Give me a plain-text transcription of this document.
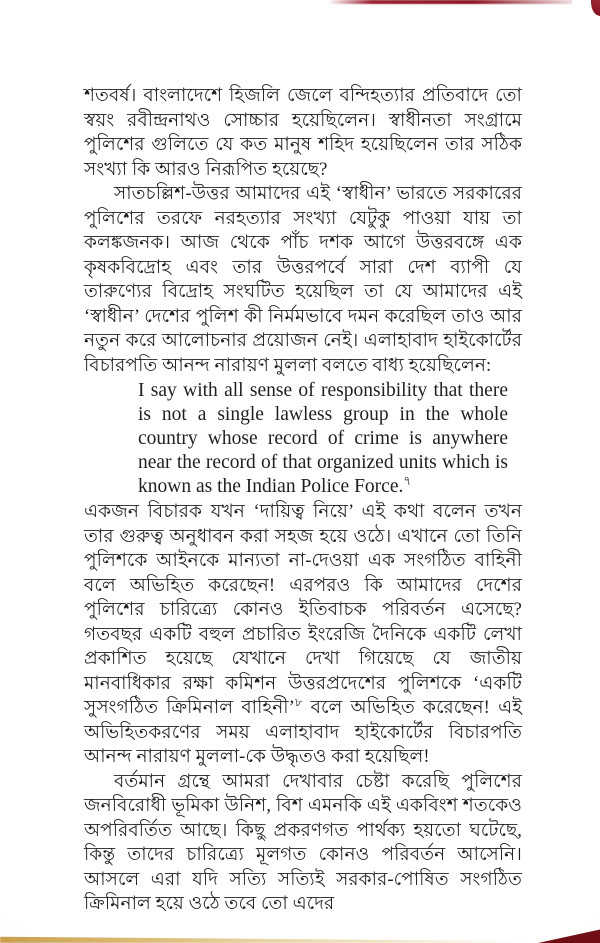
শতবর্ষ। বাংলাদেশে হিজলি জেলে বন্দিহত্যার প্রতিবাদে তো স্বয়ং রবীন্দ্রনাথও সোচ্চার হয়েছিলেন। স্বাধীনতা সংগ্রামে পুলিশের গুলিতে যে কত মানুষ শহিদ হয়েছিলেন তার সঠিক সংখ্যা কি আরও নিরূপিত হয়েছে?

সাতচল্লিশ-উত্তর আমাদের এই ‘স্বাধীন’ ভারতে সরকারের পুলিশের তরফে নরহত্যার সংখ্যা যেটুকু পাওয়া যায় তা কলঙ্কজনক। আজ থেকে পাঁচ দশক আগে উত্তরবঙ্গে এক কৃষকবিদ্রোহ এবং তার উত্তরপর্বে সারা দেশ ব্যাপী যে তারুণ্যের বিদ্রোহ সংঘটিত হয়েছিল তা যে আমাদের এই ‘স্বাধীন’ দেশের পুলিশ কী নির্মমভাবে দমন করেছিল তাও আর নতুন করে আলোচনার প্রয়োজন নেই। এলাহাবাদ হাইকোর্টের বিচারপতি আনন্দ নারায়ণ মুললা বলতে বাধ্য হয়েছিলেন:

I say with all sense of responsibility that there is not a single lawless group in the whole country whose record of crime is anywhere near the record of that organized units which is known as the Indian Police Force.$^৭$

একজন বিচারক যখন ‘দায়িত্ব নিয়ে’ এই কথা বলেন তখন তার গুরুত্ব অনুধাবন করা সহজ হয়ে ওঠে। এখানে তো তিনি পুলিশকে আইনকে মান্যতা না-দেওয়া এক সংগঠিত বাহিনী বলে অভিহিত করেছেন! এরপরও কি আমাদের দেশের পুলিশের চারিত্র্যে কোনও ইতিবাচক পরিবর্তন এসেছে? গতবছর একটি বহুল প্রচারিত ইংরেজি দৈনিকে একটি লেখা প্রকাশিত হয়েছে যেখানে দেখা গিয়েছে যে জাতীয় মানবাধিকার রক্ষা কমিশন উত্তরপ্রদেশের পুলিশকে ‘একটি সুসংগঠিত ক্রিমিনাল বাহিনী’$^৮$ বলে অভিহিত করেছেন! এই অভিহিতকরণের সময় এলাহাবাদ হাইকোর্টের বিচারপতি আনন্দ নারায়ণ মুললা-কে উদ্ধৃতও করা হয়েছিল!

বর্তমান গ্রন্থে আমরা দেখাবার চেষ্টা করেছি পুলিশের জনবিরোধী ভূমিকা উনিশ, বিশ এমনকি এই একবিংশ শতকেও অপরিবর্তিত আছে। কিছু প্রকরণগত পার্থক্য হয়তো ঘটেছে, কিন্তু তাদের চারিত্র্যে মূলগত কোনও পরিবর্তন আসেনি। আসলে এরা যদি সত্যি সত্যিই সরকার-পোষিত সংগঠিত ক্রিমিনাল হয়ে ওঠে তবে তো এদের
